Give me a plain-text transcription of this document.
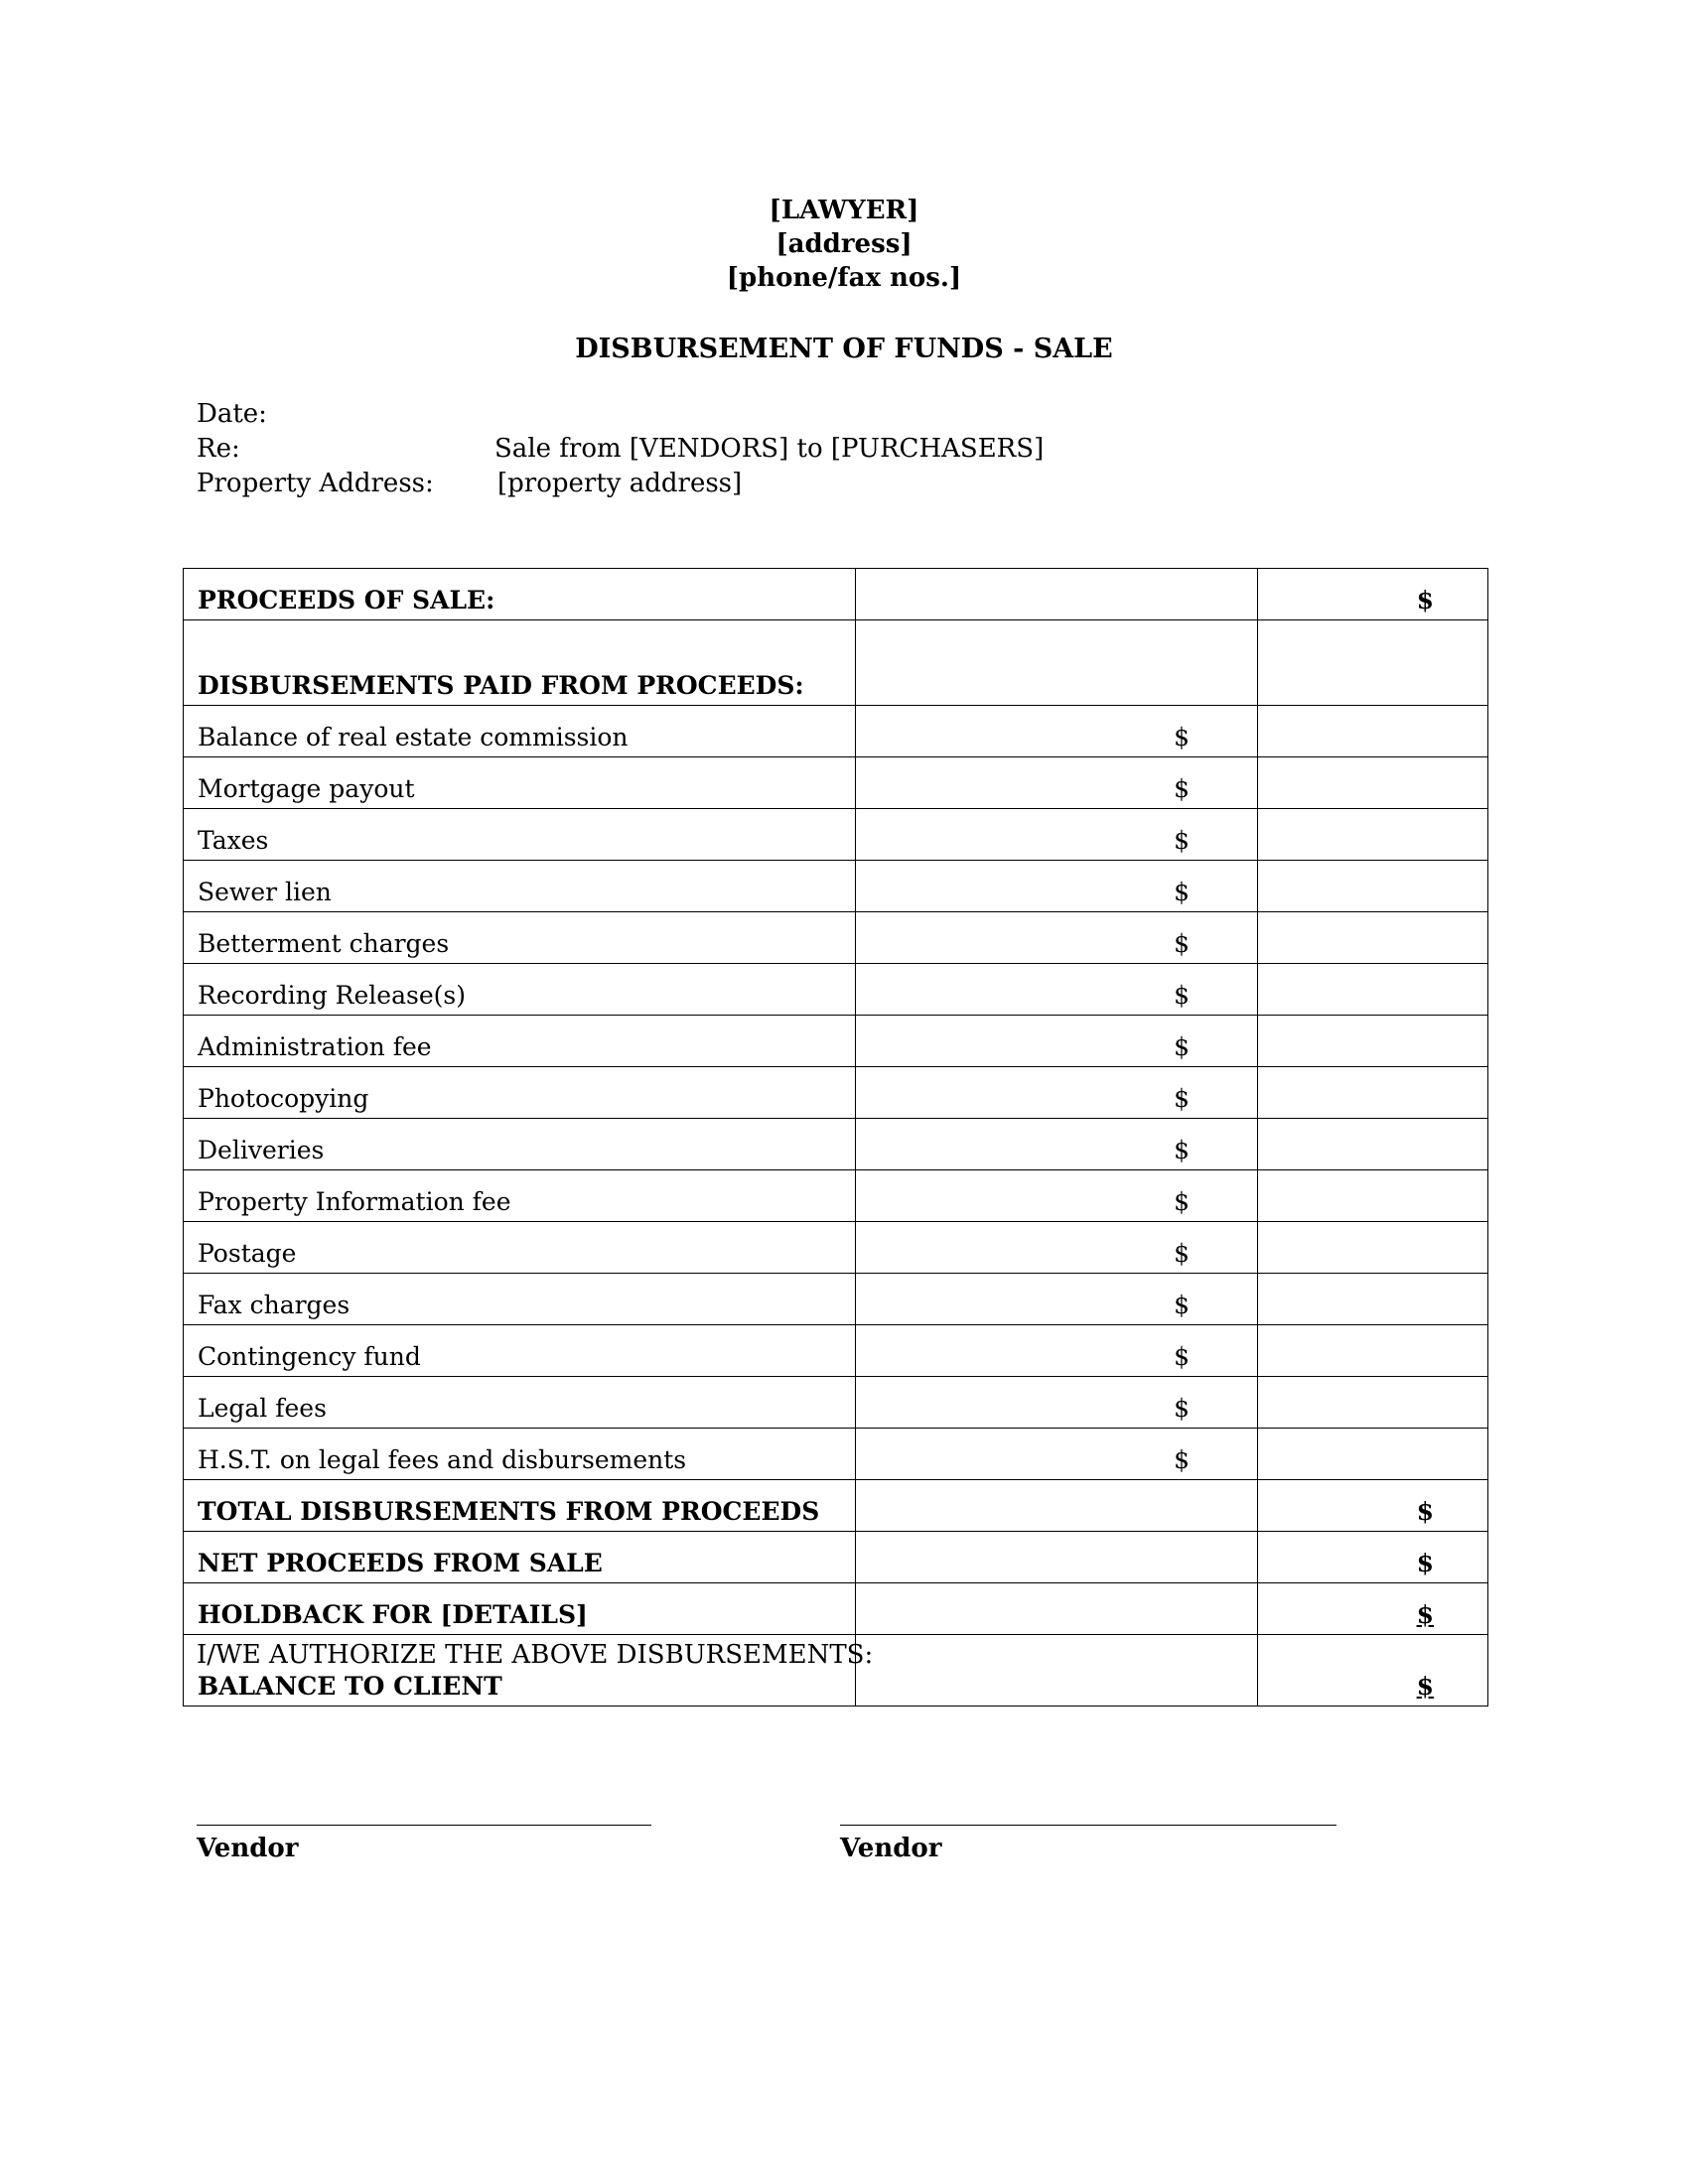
[LAWYER]
[address]
[phone/fax nos.]
DISBURSEMENT OF FUNDS - SALE
Date:
Re:	Sale from [VENDORS] to [PURCHASERS]
Property Address:	[property address]
PROCEEDS OF SALE:		$
DISBURSEMENTS PAID FROM PROCEEDS:		
Balance of real estate commission	$	
Mortgage payout	$	
Taxes	$	
Sewer lien	$	
Betterment charges	$	
Recording Release(s)	$	
Administration fee	$	
Photocopying	$	
Deliveries	$	
Property Information fee	$	
Postage	$	
Fax charges	$	
Contingency fund	$	
Legal fees	$	
H.S.T. on legal fees and disbursements	$	
TOTAL DISBURSEMENTS FROM PROCEEDS		$
NET PROCEEDS FROM SALE		$
HOLDBACK FOR [DETAILS]		$
BALANCE TO CLIENT		$
I/WE AUTHORIZE THE ABOVE DISBURSEMENTS:
Vendor	Vendor
